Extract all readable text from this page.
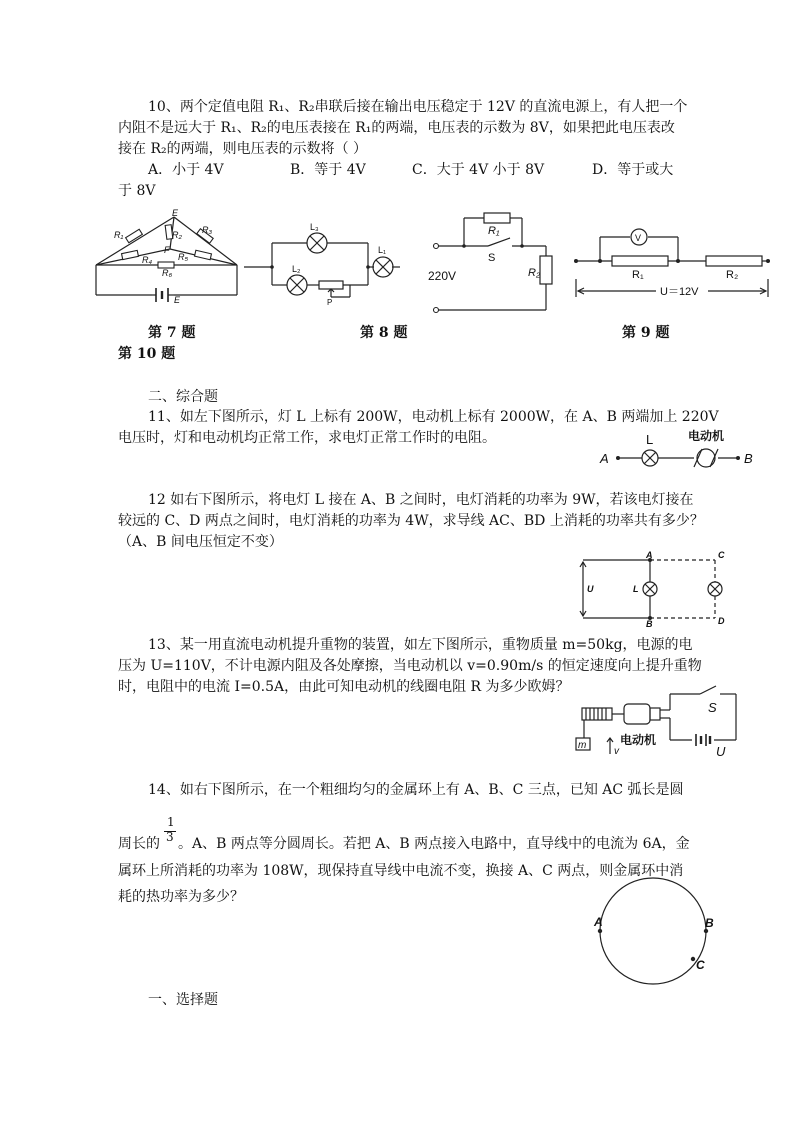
10、两个定值电阻 R₁、R₂串联后接在输出电压稳定于 12V 的直流电源上，有人把一个
内阻不是远大于 R₁、R₂的电压表接在 R₁的两端，电压表的示数为 8V，如果把此电压表改
接在 R₂的两端，则电压表的示数将（ ）
A．小于 4V	B．等于 4V	C．大于 4V 小于 8V	D．等于或大
于 8V
E
R₁	R₂ R₃
F
R₄	R₅
R₆
E
L₃
L₂
L₁
P
R₁
S
R₂
220V
V
R₁	R₂
U＝12V
第 7 题	第 8 题	第 9 题
第 10 题
二、综合题
11、如左下图所示，灯 L 上标有 200W，电动机上标有 2000W，在 A、B 两端加上 220V
电压时，灯和电动机均正常工作，求电灯正常工作时的电阻。
A
L	电动机
B
12 如右下图所示，将电灯 L 接在 A、B 之间时，电灯消耗的功率为 9W，若该电灯接在
较远的 C、D 两点之间时，电灯消耗的功率为 4W，求导线 AC、BD 上消耗的功率共有多少？
（A、B 间电压恒定不变）
A
B
C
D
U	L
13、某一用直流电动机提升重物的装置，如左下图所示，重物质量 m=50kg，电源的电
压为 U=110V，不计电源内阻及各处摩擦，当电动机以 v=0.90m/s 的恒定速度向上提升重物
时，电阻中的电流 I=0.5A，由此可知电动机的线圈电阻 R 为多少欧姆？
S
m
v
电动机
U
14、如右下图所示，在一个粗细均匀的金属环上有 A、B、C 三点，已知 AC 弧长是圆
1
3
周长的 。A、B 两点等分圆周长。若把 A、B 两点接入电路中，直导线中的电流为 6A，金
属环上所消耗的功率为 108W，现保持直导线中电流不变，换接 A、C 两点，则金属环中消
耗的热功率为多少？
A	B
C
一、选择题
